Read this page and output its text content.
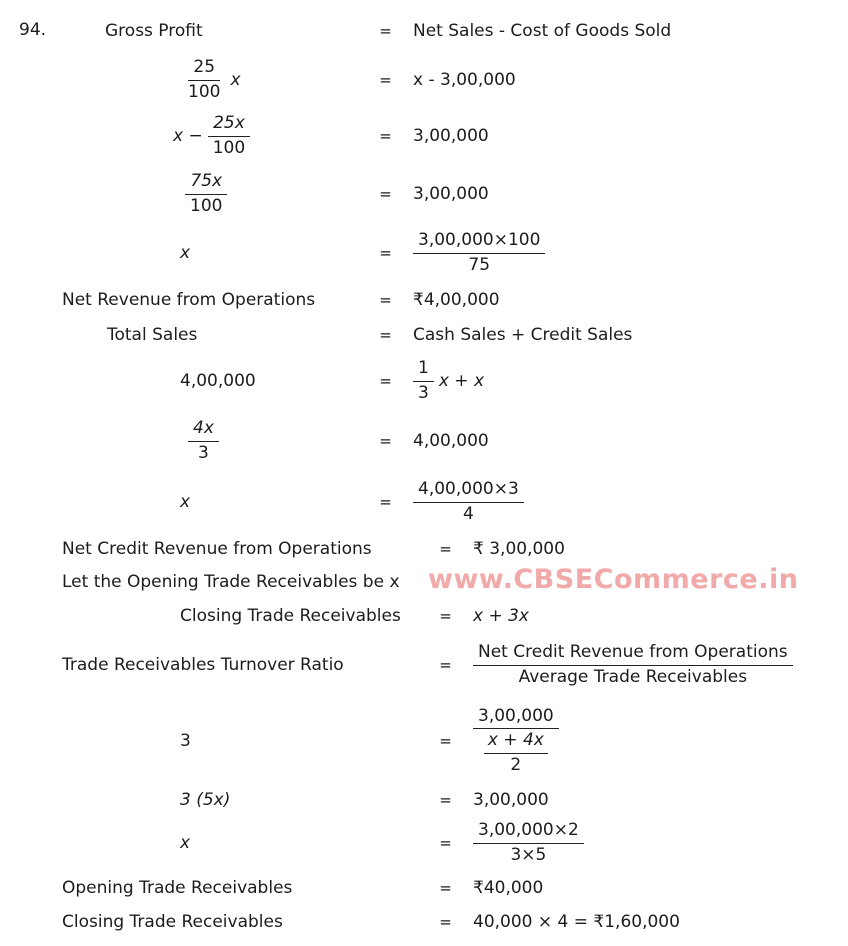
94.	Gross Profit	=	Net Sales - Cost of Goods Sold
$\frac{25}{100}$ x	=	x - 3,00,000
$x - \frac{25x}{100}$	=	3,00,000
$\frac{75x}{100}$	=	3,00,000
x	=	$\frac{3,00,000\times 100}{75}$
Net Revenue from Operations	=	₹4,00,000
Total Sales	=	Cash Sales + Credit Sales
4,00,000	=	$\frac{1}{3}$ x + x
$\frac{4x}{3}$	=	4,00,000
x	=	$\frac{4,00,000\times 3}{4}$
Net Credit Revenue from Operations	=	₹ 3,00,000
Let the Opening Trade Receivables be x
Closing Trade Receivables	=	x + 3x
Trade Receivables Turnover Ratio	=	$\frac{\text{Net Credit Revenue from Operations}}{\text{Average Trade Receivables}}$
3	=	$\frac{3,00,000}{\frac{x + 4x}{2}}$
3 (5x)	=	3,00,000
x	=	$\frac{3,00,000\times 2}{3\times 5}$
Opening Trade Receivables	=	₹40,000
Closing Trade Receivables	=	40,000 × 4 = ₹1,60,000
www.CBSECommerce.in
